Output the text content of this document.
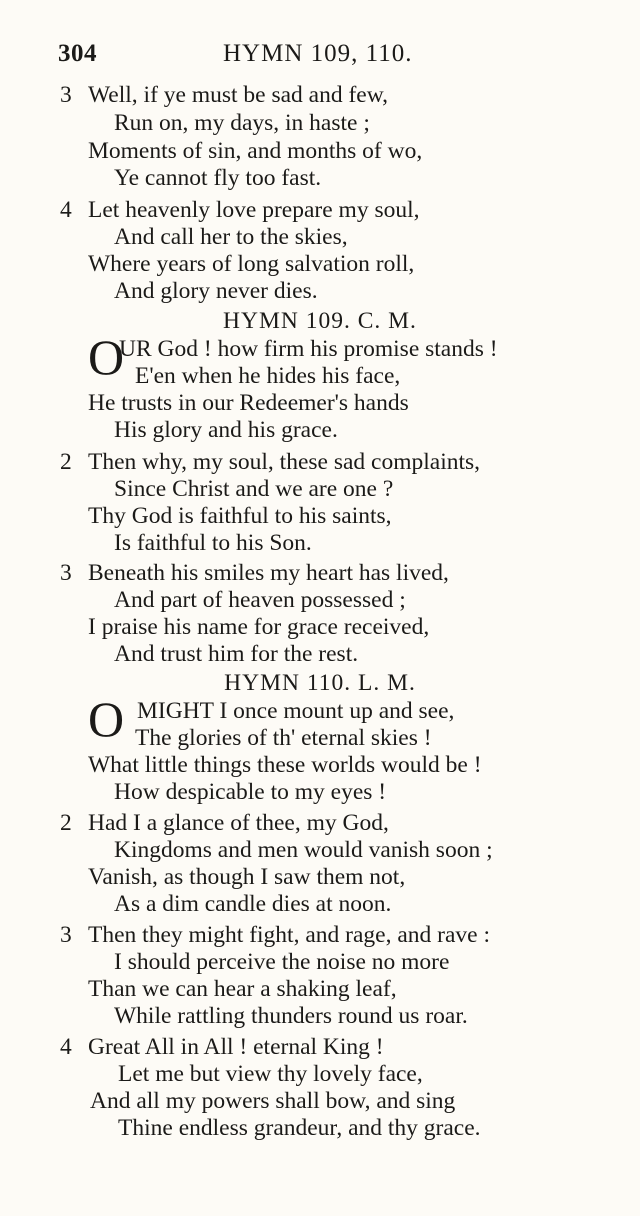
304	HYMN 109, 110.
3 Well, if ye must be sad and few,
Run on, my days, in haste ;
Moments of sin, and months of wo,
Ye cannot fly too fast.
4 Let heavenly love prepare my soul,
And call her to the skies,
Where years of long salvation roll,
And glory never dies.
HYMN 109. C. M.
O
UR God ! how firm his promise stands !
E'en when he hides his face,
He trusts in our Redeemer's hands
His glory and his grace.
2 Then why, my soul, these sad complaints,
Since Christ and we are one ?
Thy God is faithful to his saints,
Is faithful to his Son.
3 Beneath his smiles my heart has lived,
And part of heaven possessed ;
I praise his name for grace received,
And trust him for the rest.
HYMN 110. L. M.
O MIGHT I once mount up and see,
The glories of th' eternal skies !
What little things these worlds would be !
How despicable to my eyes !
2 Had I a glance of thee, my God,
Kingdoms and men would vanish soon ;
Vanish, as though I saw them not,
As a dim candle dies at noon.
3 Then they might fight, and rage, and rave :
I should perceive the noise no more
Than we can hear a shaking leaf,
While rattling thunders round us roar.
4 Great All in All ! eternal King !
Let me but view thy lovely face,
And all my powers shall bow, and sing
Thine endless grandeur, and thy grace.
